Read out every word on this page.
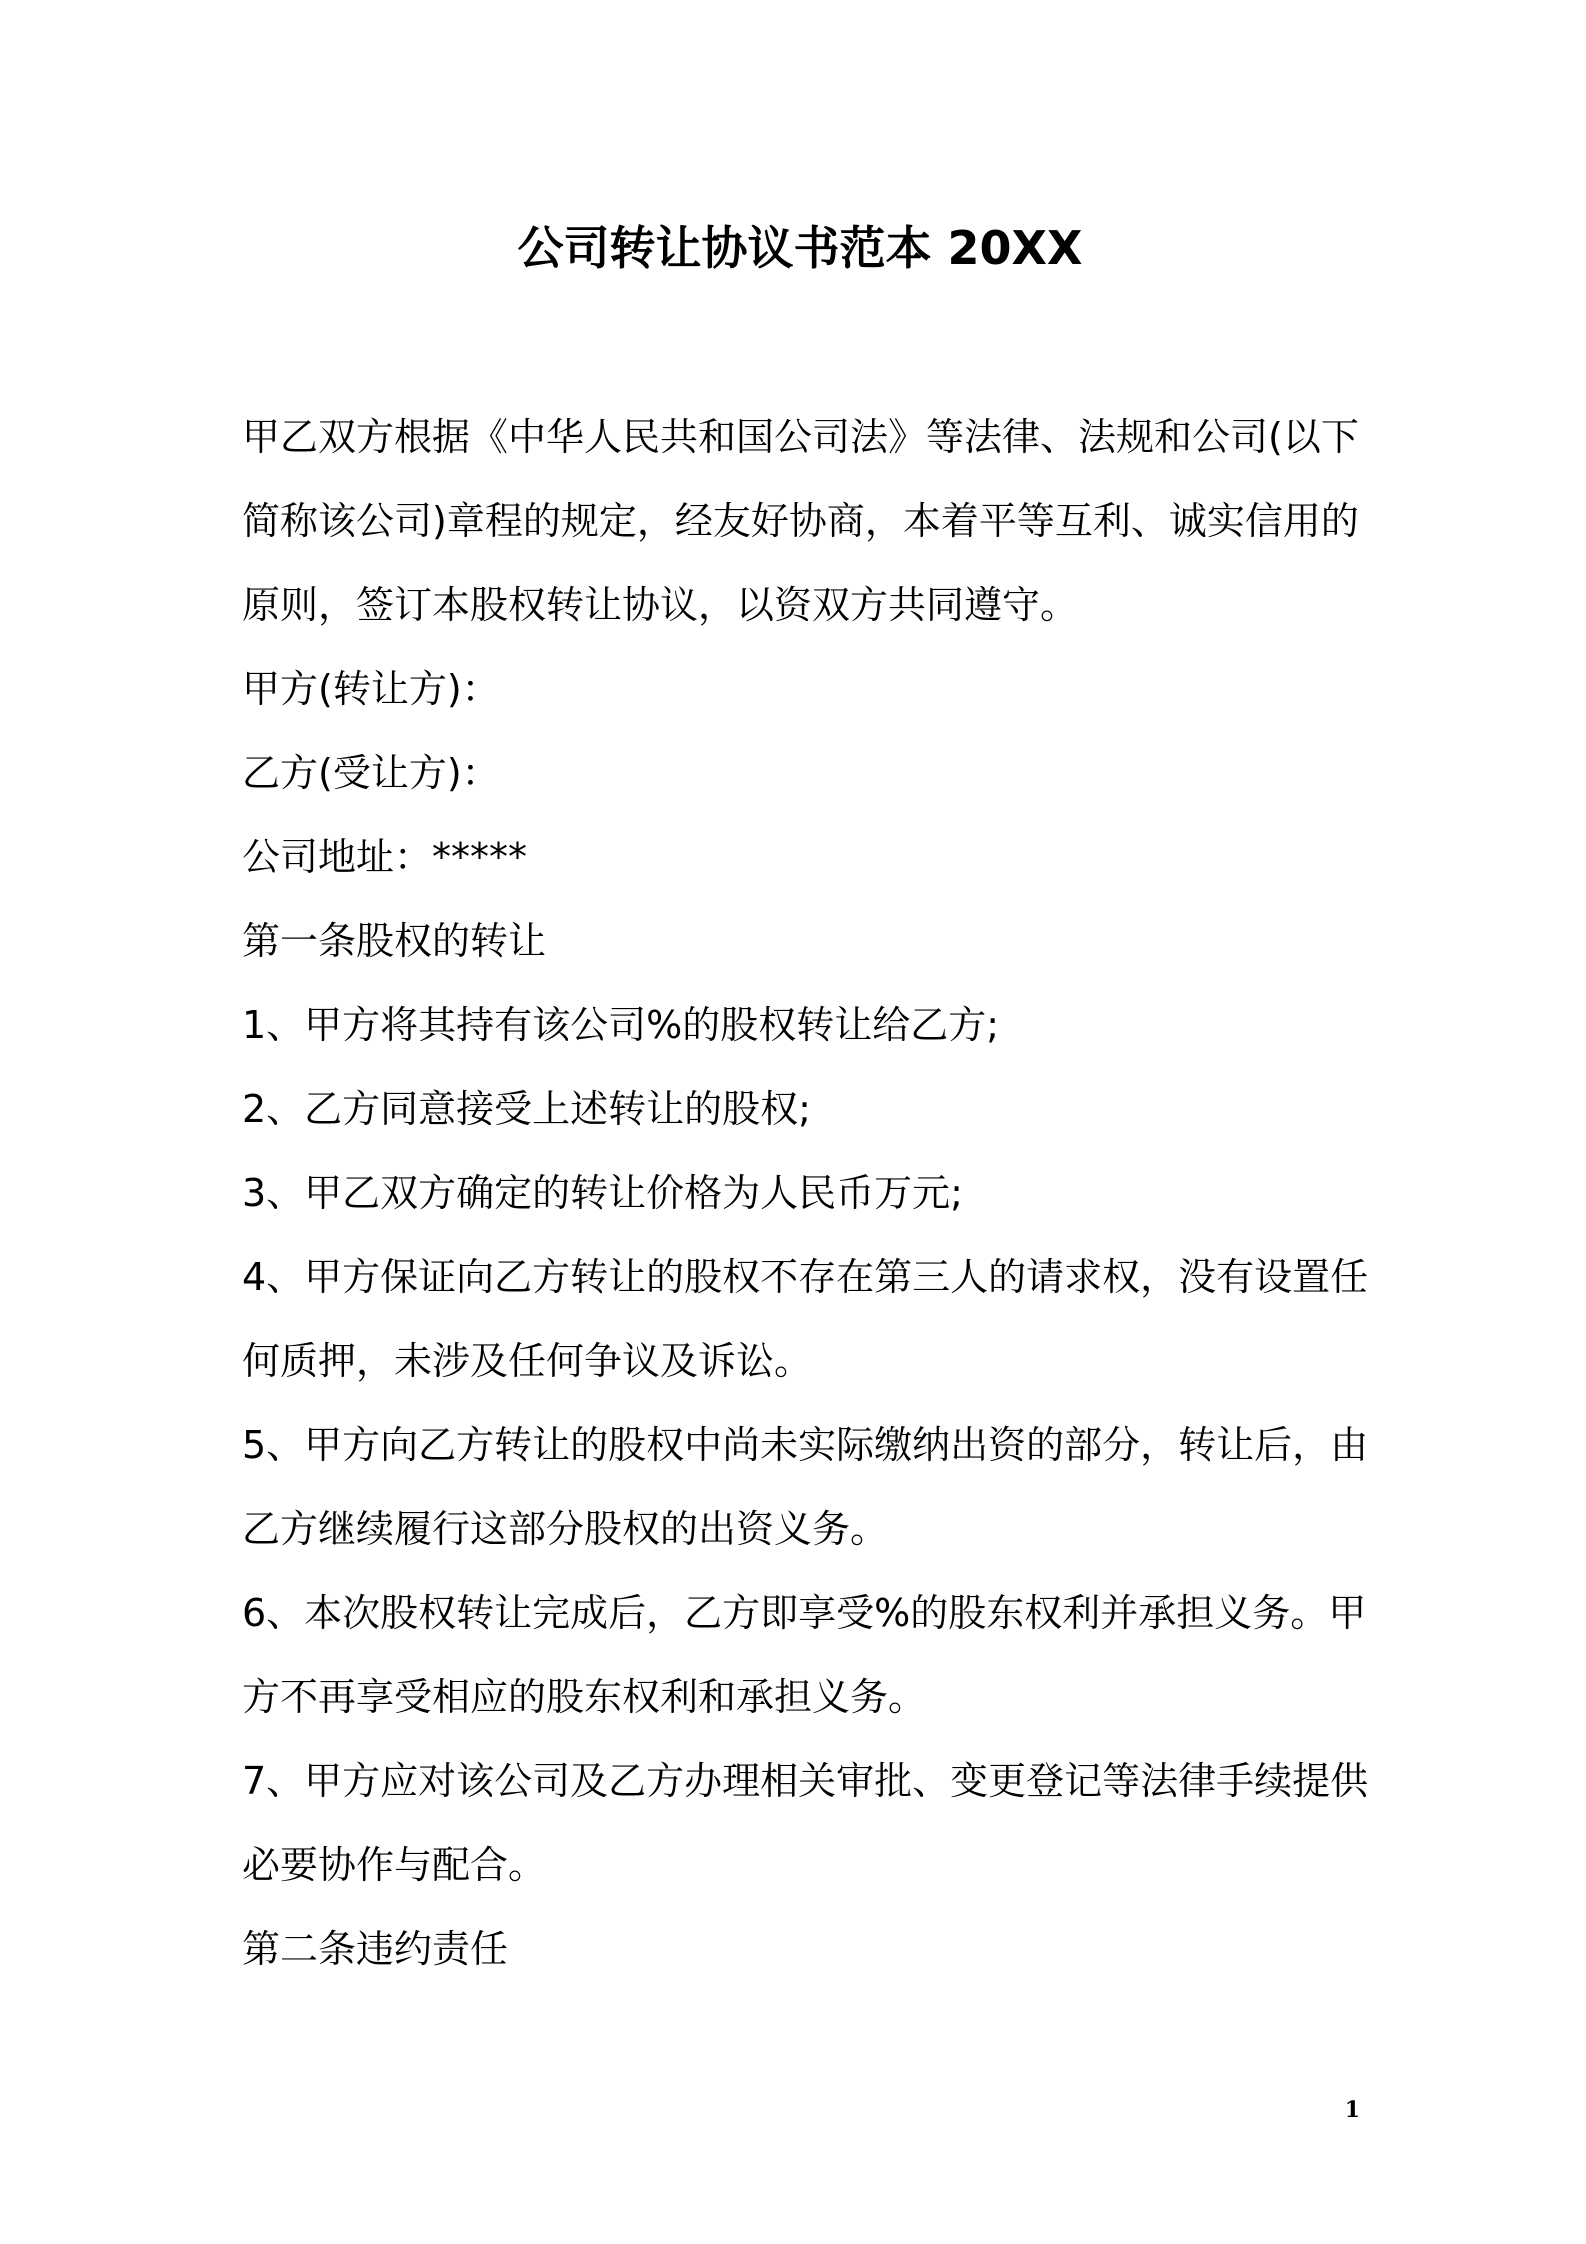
公司转让协议书范本 20XX

甲乙双方根据《中华人民共和国公司法》等法律、法规和公司(以下
简称该公司)章程的规定，经友好协商，本着平等互利、诚实信用的
原则，签订本股权转让协议，以资双方共同遵守。

甲方(转让方)：

乙方(受让方)：

公司地址：*****

第一条股权的转让

1、甲方将其持有该公司%的股权转让给乙方;

2、乙方同意接受上述转让的股权;

3、甲乙双方确定的转让价格为人民币万元;

4、甲方保证向乙方转让的股权不存在第三人的请求权，没有设置任
何质押，未涉及任何争议及诉讼。

5、甲方向乙方转让的股权中尚未实际缴纳出资的部分，转让后，由
乙方继续履行这部分股权的出资义务。

6、本次股权转让完成后，乙方即享受%的股东权利并承担义务。甲
方不再享受相应的股东权利和承担义务。

7、甲方应对该公司及乙方办理相关审批、变更登记等法律手续提供
必要协作与配合。

第二条违约责任

1
